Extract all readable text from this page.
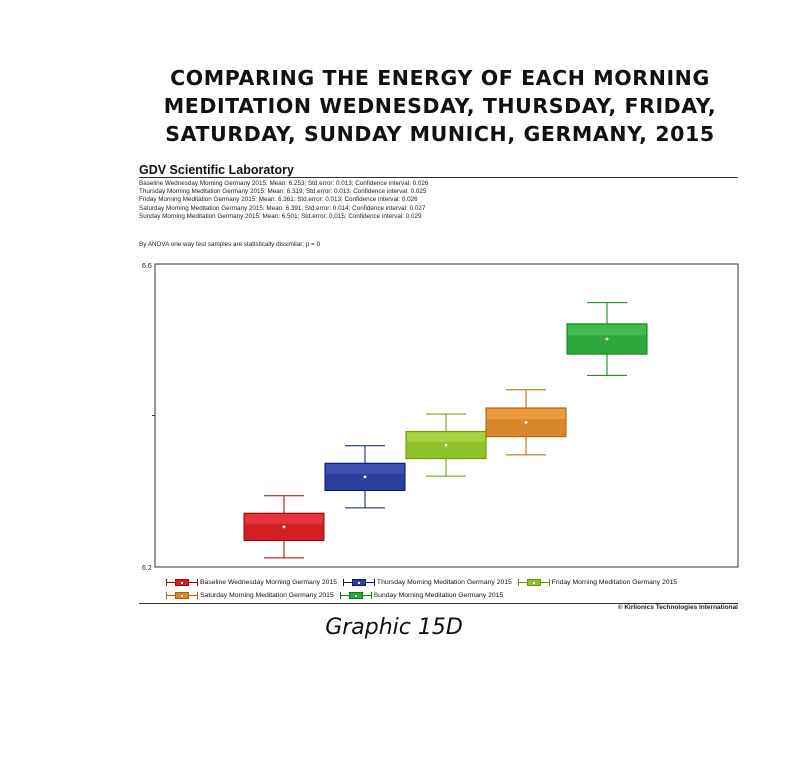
COMPARING THE ENERGY OF EACH MORNING
MEDITATION WEDNESDAY, THURSDAY, FRIDAY,
SATURDAY, SUNDAY MUNICH, GERMANY, 2015
GDV Scientific Laboratory
Baseline Wednesday Morning Germany 2015: Mean: 6.253; Std.error: 0.013; Confidence interval: 0.026
Thursday Morning Meditation Germany 2015: Mean: 6.319; Std.error: 0.013; Confidence interval: 0.025
Friday Morning Meditation Germany 2015: Mean: 6.361; Std.error: 0.013; Confidence interval: 0.026
Saturday Morning Meditation Germany 2015: Mean: 6.391; Std.error: 0.014; Confidence interval: 0.027
Sunday Morning Meditation Germany 2015: Mean: 6.501; Std.error: 0.015; Confidence interval: 0.029
By ANOVA one way test samples are statistically dissimilar; p = 0
6.6
6.2
Baseline Wednesday Morning Germany 2015
	Thursday Morning Meditation Germany 2015
	Friday Morning Meditation Germany 2015
Saturday Morning Meditation Germany 2015
	Sunday Morning Meditation Germany 2015
© Kirlionics Technologies International
Graphic 15D
